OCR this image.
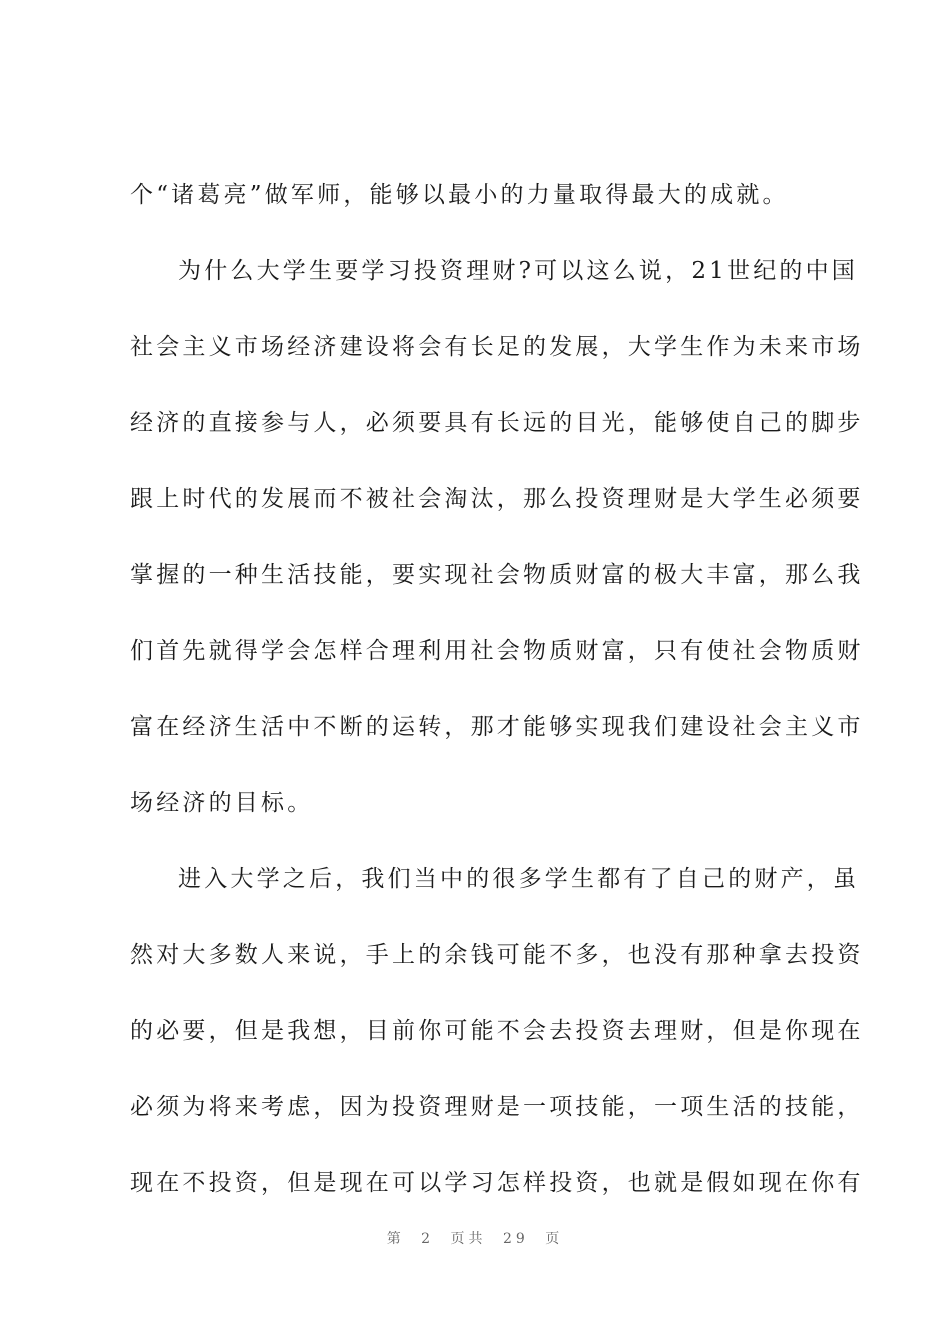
个“诸葛亮”做军师，能够以最小的力量取得最大的成就。
为什么大学生要学习投资理财?可以这么说，21世纪的中国
社会主义市场经济建设将会有长足的发展，大学生作为未来市场
经济的直接参与人，必须要具有长远的目光，能够使自己的脚步
跟上时代的发展而不被社会淘汰，那么投资理财是大学生必须要
掌握的一种生活技能，要实现社会物质财富的极大丰富，那么我
们首先就得学会怎样合理利用社会物质财富，只有使社会物质财
富在经济生活中不断的运转，那才能够实现我们建设社会主义市
场经济的目标。
进入大学之后，我们当中的很多学生都有了自己的财产，虽
然对大多数人来说，手上的余钱可能不多，也没有那种拿去投资
的必要，但是我想，目前你可能不会去投资去理财，但是你现在
必须为将来考虑，因为投资理财是一项技能，一项生活的技能，
现在不投资，但是现在可以学习怎样投资，也就是假如现在你有
第 2 页共 29 页
